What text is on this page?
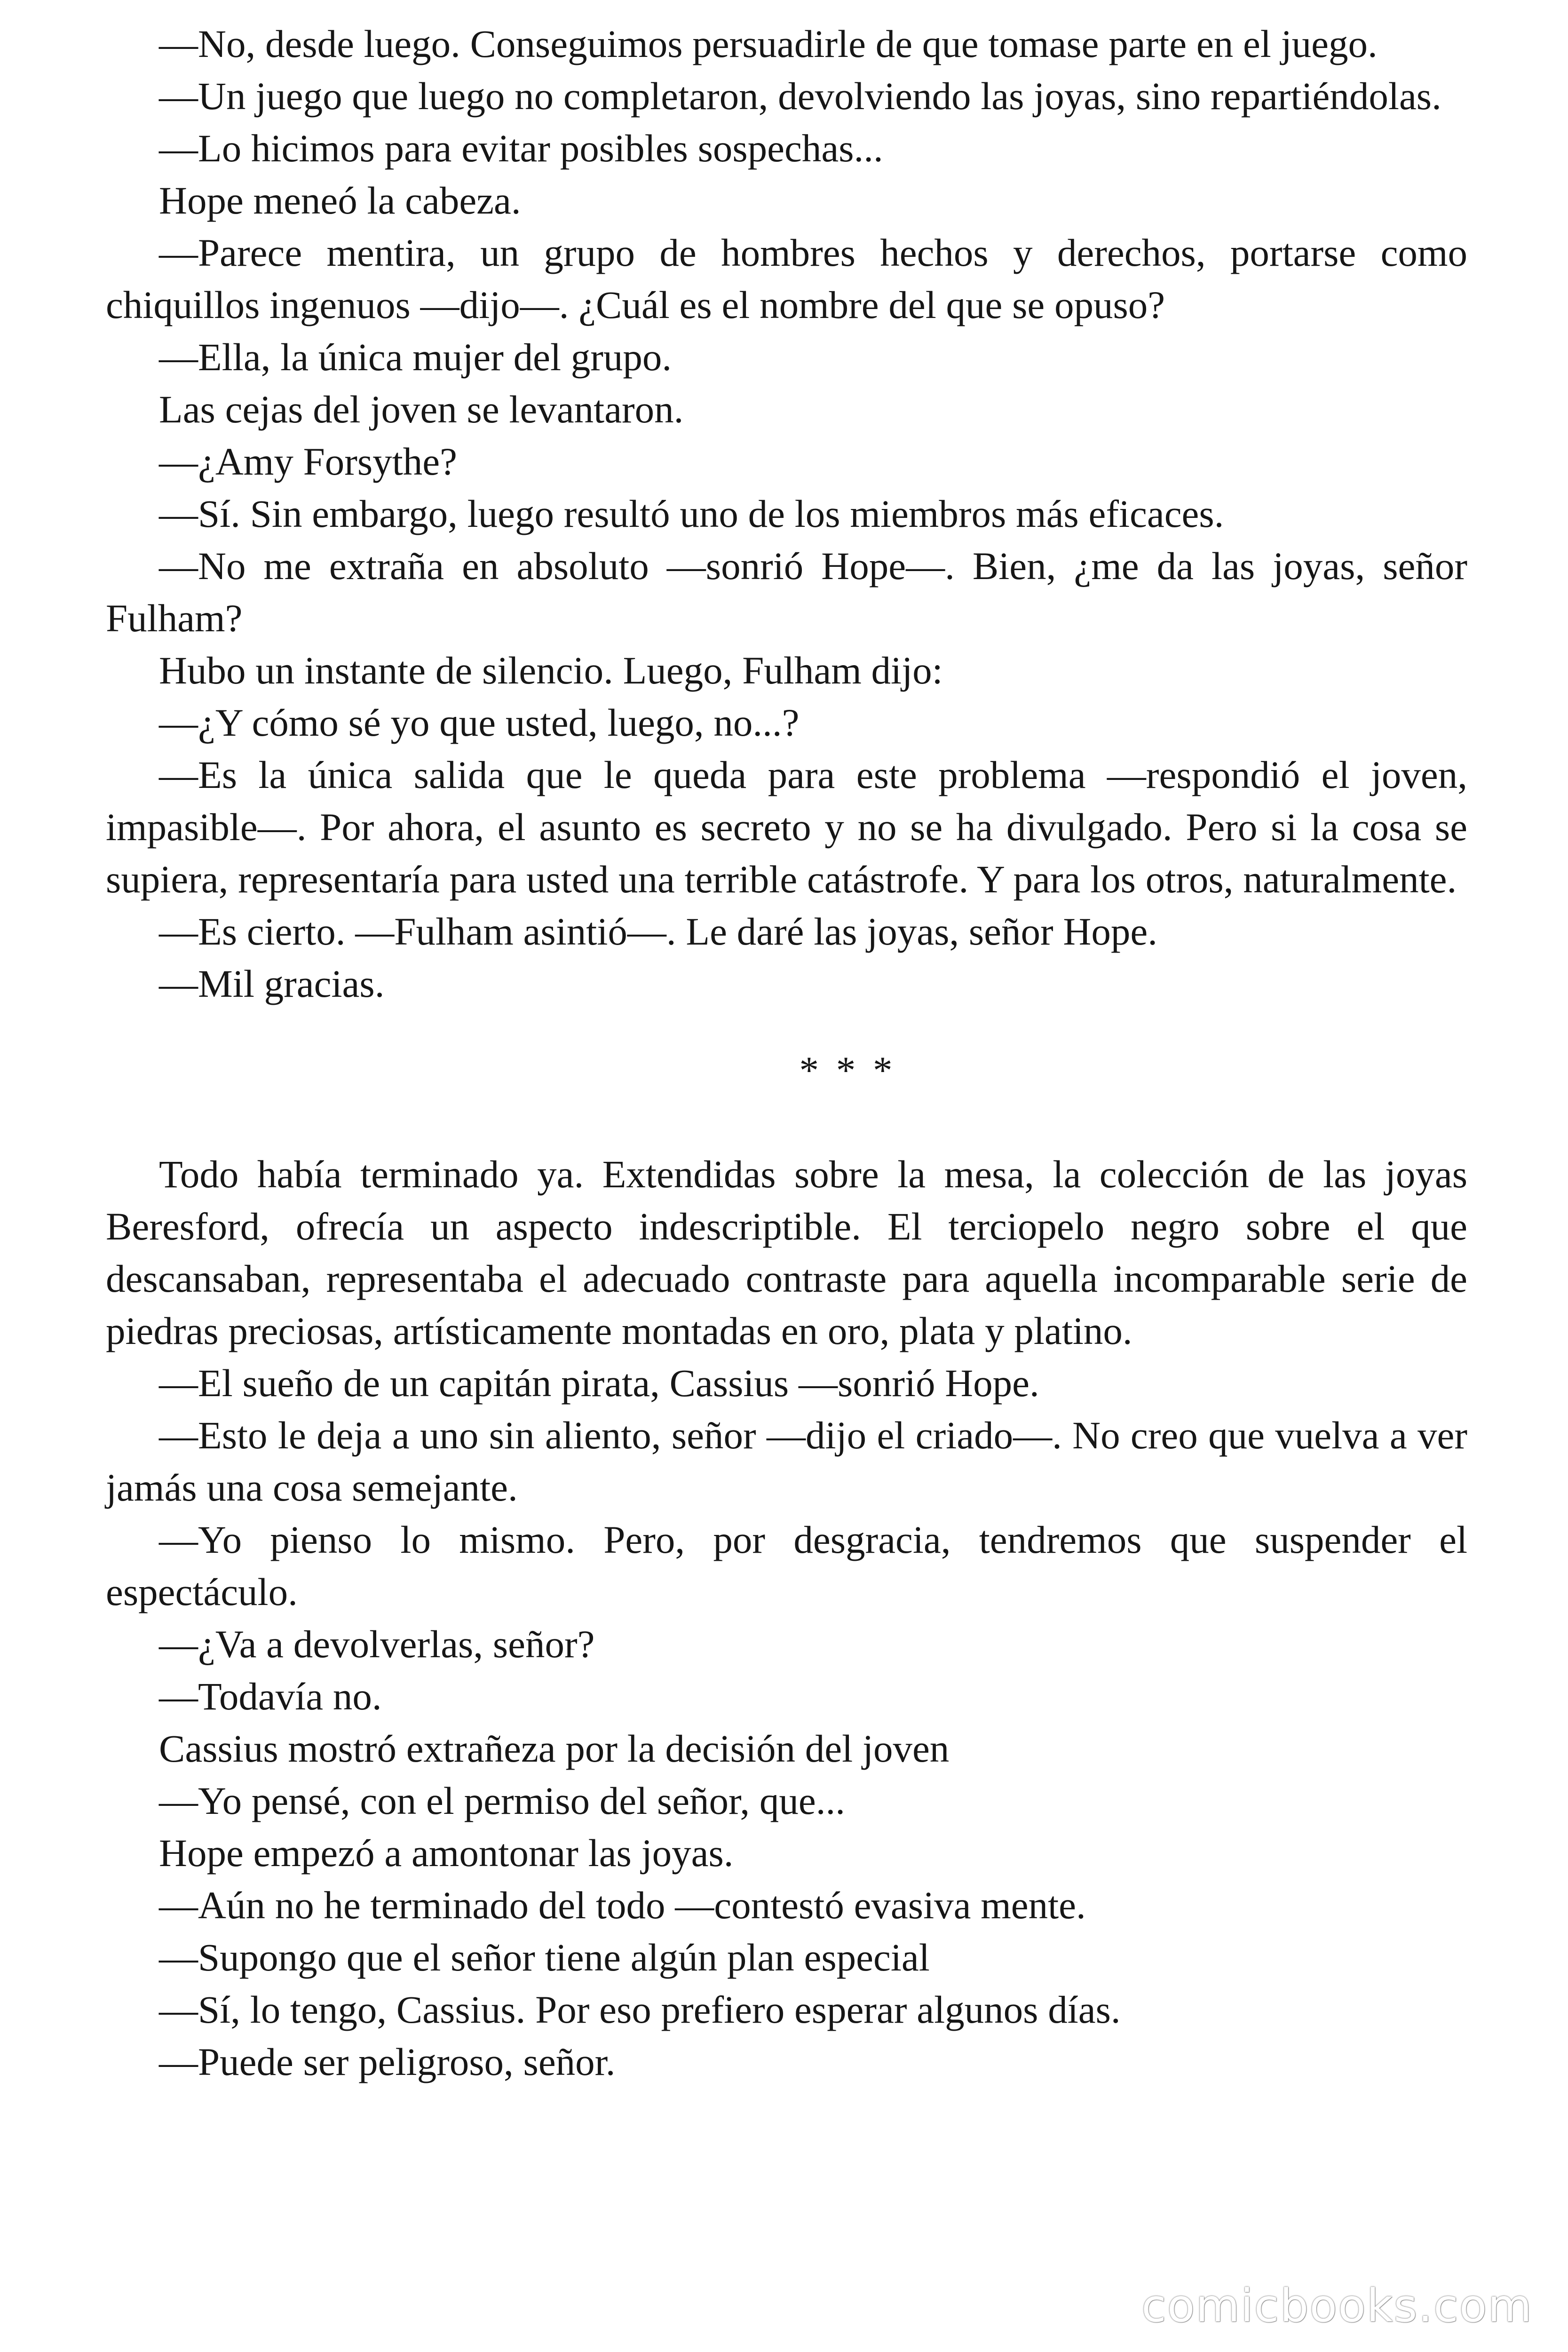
—No, desde luego. Conseguimos persuadirle de que tomase parte en el juego.

—Un juego que luego no completaron, devolviendo las joyas, sino repartiéndolas.

—Lo hicimos para evitar posibles sospechas...

Hope meneó la cabeza.

—Parece mentira, un grupo de hombres hechos y derechos, portarse como chiquillos ingenuos —dijo—. ¿Cuál es el nombre del que se opuso?

—Ella, la única mujer del grupo.

Las cejas del joven se levantaron.

—¿Amy Forsythe?

—Sí. Sin embargo, luego resultó uno de los miembros más eficaces.

—No me extraña en absoluto —sonrió Hope—. Bien, ¿me da las joyas, señor Fulham?

Hubo un instante de silencio. Luego, Fulham dijo:

—¿Y cómo sé yo que usted, luego, no...?

—Es la única salida que le queda para este problema —respondió el joven, impasible—. Por ahora, el asunto es secreto y no se ha divulgado. Pero si la cosa se supiera, representaría para usted una terrible catástrofe. Y para los otros, naturalmente.

—Es cierto. —Fulham asintió—. Le daré las joyas, señor Hope.

—Mil gracias.

* * *

Todo había terminado ya. Extendidas sobre la mesa, la colección de las joyas Beresford, ofrecía un aspecto indescriptible. El terciopelo negro sobre el que descansaban, representaba el adecuado contraste para aquella incomparable serie de piedras preciosas, artísticamente montadas en oro, plata y platino.

—El sueño de un capitán pirata, Cassius —sonrió Hope.

—Esto le deja a uno sin aliento, señor —dijo el criado—. No creo que vuelva a ver jamás una cosa semejante.

—Yo pienso lo mismo. Pero, por desgracia, tendremos que suspender el espectáculo.

—¿Va a devolverlas, señor?

—Todavía no.

Cassius mostró extrañeza por la decisión del joven

—Yo pensé, con el permiso del señor, que...

Hope empezó a amontonar las joyas.

—Aún no he terminado del todo —contestó evasiva mente.

—Supongo que el señor tiene algún plan especial

—Sí, lo tengo, Cassius. Por eso prefiero esperar algunos días.

—Puede ser peligroso, señor.

comicbooks.com
